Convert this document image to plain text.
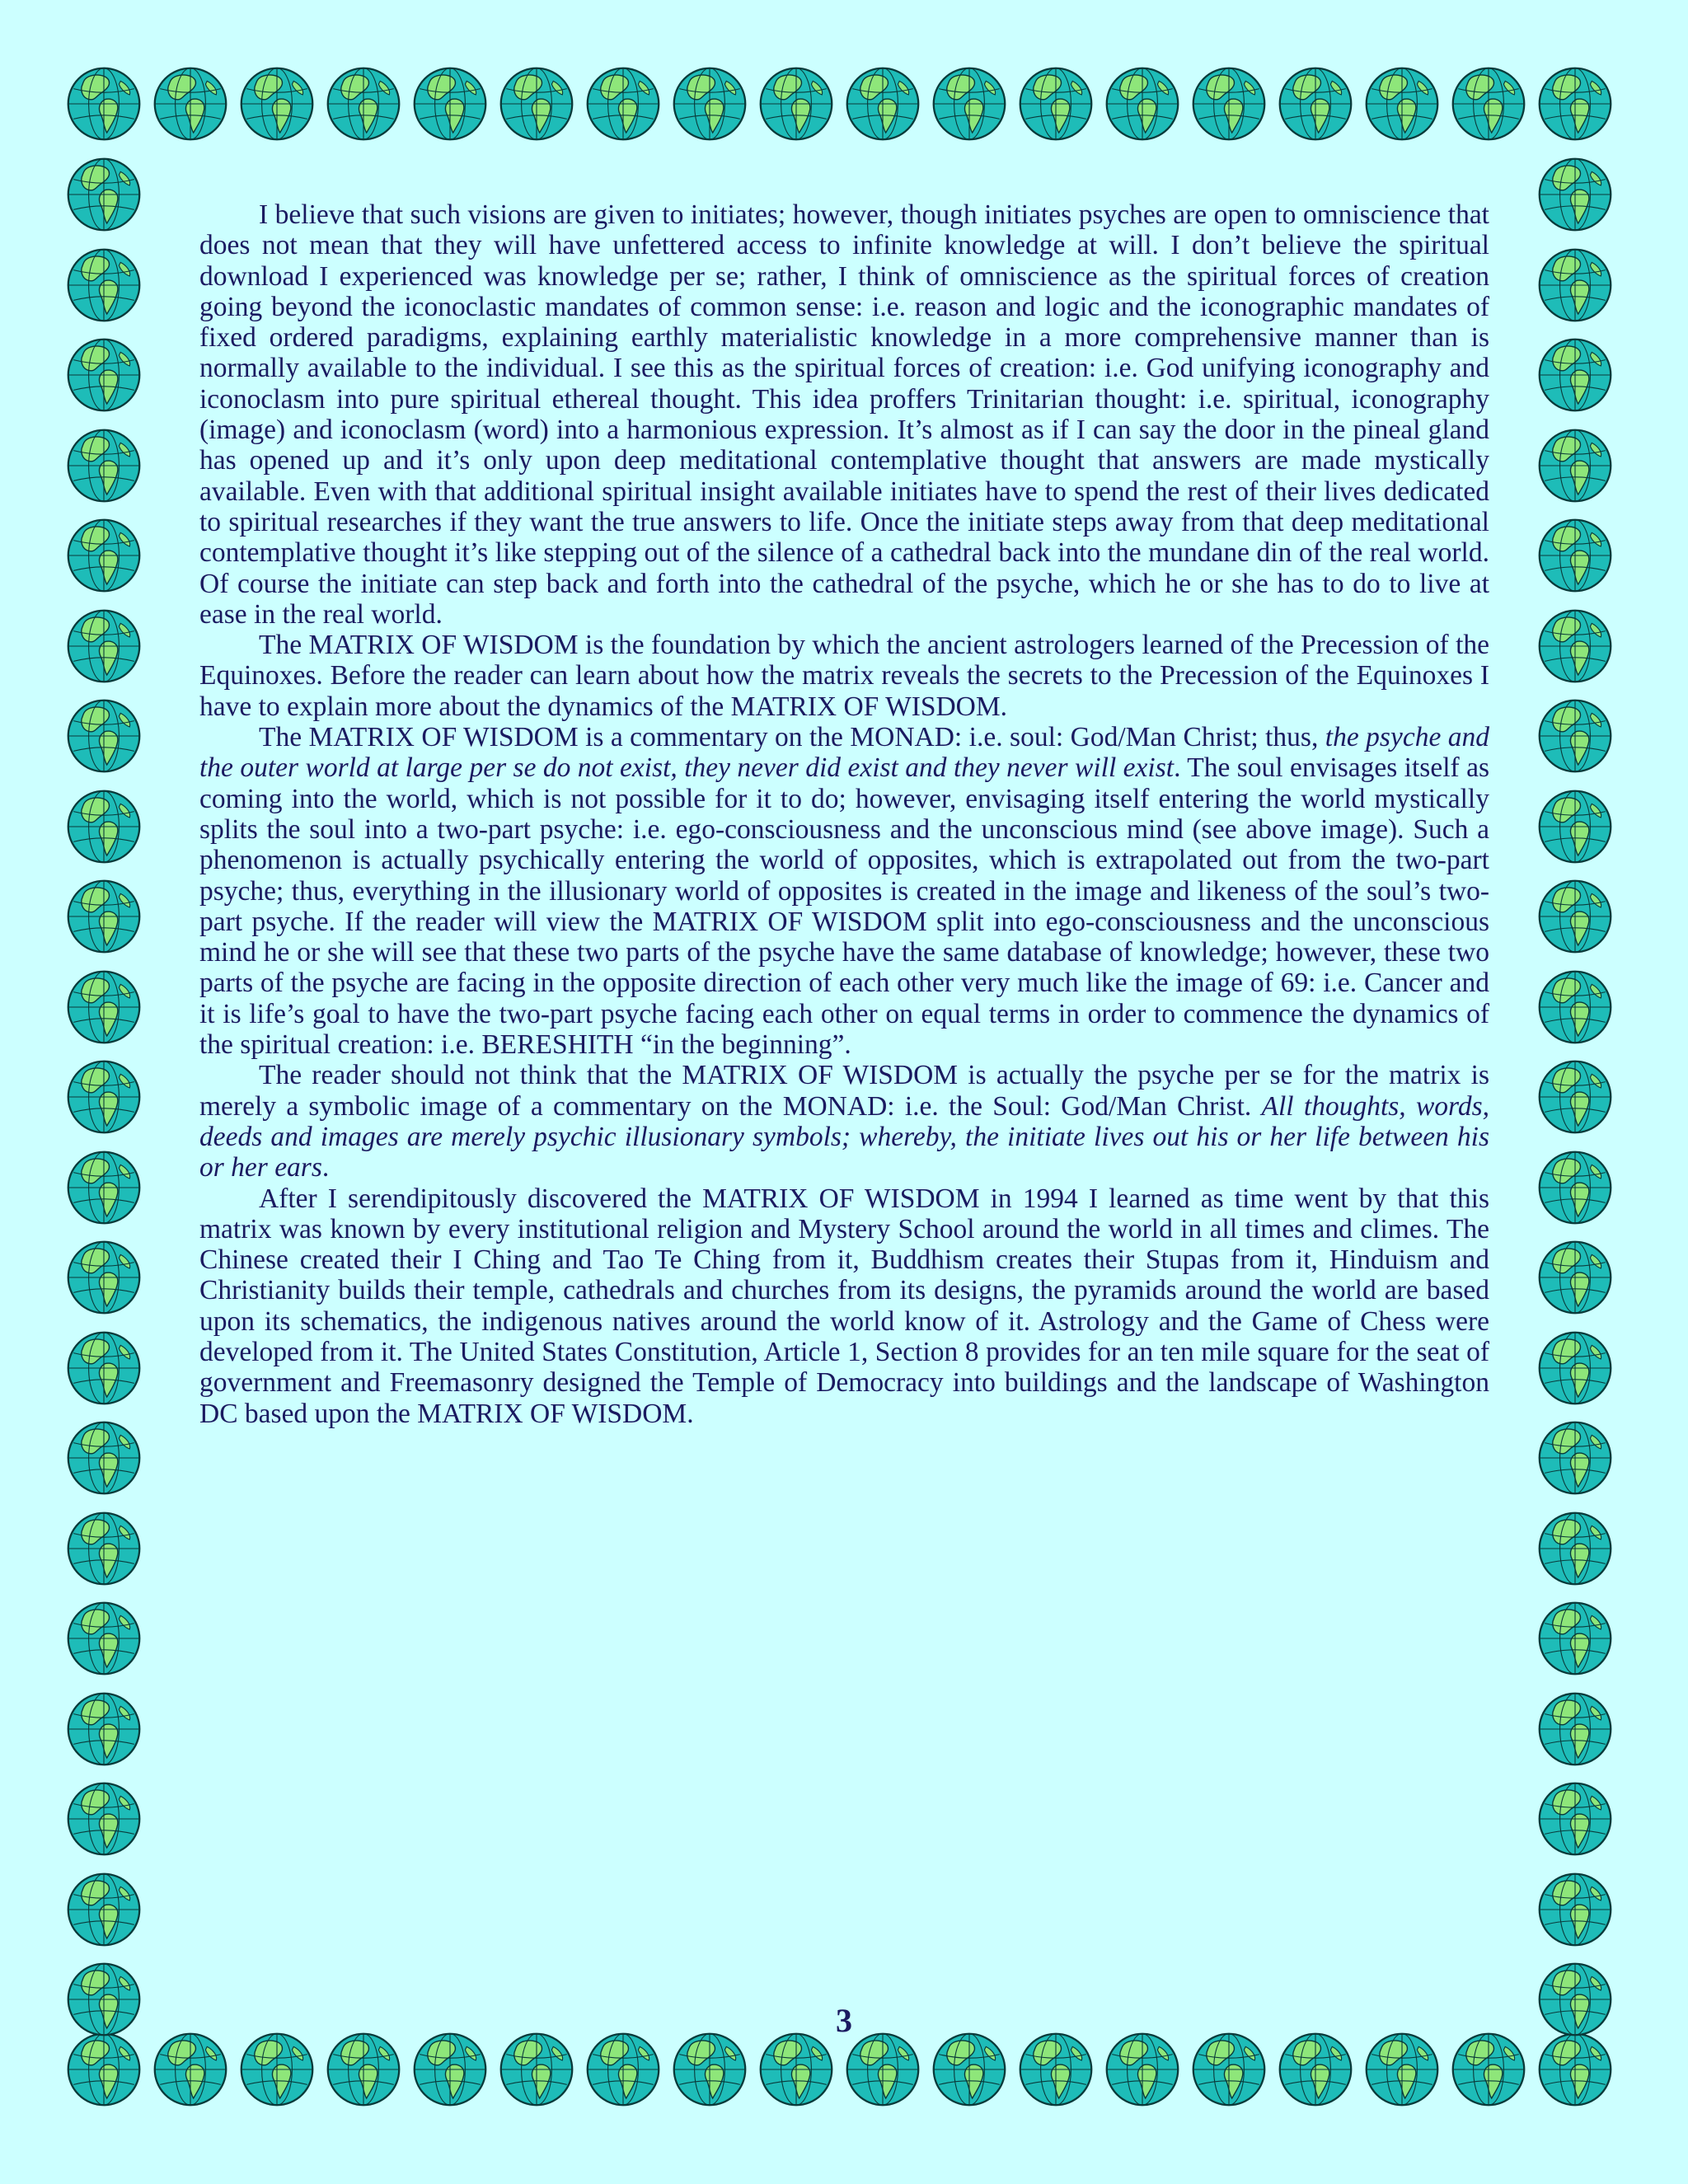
I believe that such visions are given to initiates; however, though initiates psyches are open to omniscience that does not mean that they will have unfettered access to infinite knowledge at will. I don’t believe the spiritual download I experienced was knowledge per se; rather, I think of omniscience as the spiritual forces of creation going beyond the iconoclastic mandates of common sense: i.e. reason and logic and the iconographic mandates of fixed ordered paradigms, explaining earthly materialistic knowledge in a more comprehensive manner than is normally available to the individual. I see this as the spiritual forces of creation: i.e. God unifying iconography and iconoclasm into pure spiritual ethereal thought. This idea proffers Trinitarian thought: i.e. spiritual, iconography (image) and iconoclasm (word) into a harmonious expression. It’s almost as if I can say the door in the pineal gland has opened up and it’s only upon deep meditational contemplative thought that answers are made mystically available. Even with that additional spiritual insight available initiates have to spend the rest of their lives dedicated to spiritual researches if they want the true answers to life. Once the initiate steps away from that deep meditational contemplative thought it’s like stepping out of the silence of a cathedral back into the mundane din of the real world. Of course the initiate can step back and forth into the cathedral of the psyche, which he or she has to do to live at ease in the real world.

The MATRIX OF WISDOM is the foundation by which the ancient astrologers learned of the Precession of the Equinoxes. Before the reader can learn about how the matrix reveals the secrets to the Precession of the Equinoxes I have to explain more about the dynamics of the MATRIX OF WISDOM.

The MATRIX OF WISDOM is a commentary on the MONAD: i.e. soul: God/Man Christ; thus, the psyche and the outer world at large per se do not exist, they never did exist and they never will exist. The soul envisages itself as coming into the world, which is not possible for it to do; however, envisaging itself entering the world mystically splits the soul into a two-part psyche: i.e. ego-consciousness and the unconscious mind (see above image). Such a phenomenon is actually psychically entering the world of opposites, which is extrapolated out from the two-part psyche; thus, everything in the illusionary world of opposites is created in the image and likeness of the soul’s two-part psyche. If the reader will view the MATRIX OF WISDOM split into ego-consciousness and the unconscious mind he or she will see that these two parts of the psyche have the same database of knowledge; however, these two parts of the psyche are facing in the opposite direction of each other very much like the image of 69: i.e. Cancer and it is life’s goal to have the two-part psyche facing each other on equal terms in order to commence the dynamics of the spiritual creation: i.e. BERESHITH “in the beginning”.

The reader should not think that the MATRIX OF WISDOM is actually the psyche per se for the matrix is merely a symbolic image of a commentary on the MONAD: i.e. the Soul: God/Man Christ. All thoughts, words, deeds and images are merely psychic illusionary symbols; whereby, the initiate lives out his or her life between his or her ears.

After I serendipitously discovered the MATRIX OF WISDOM in 1994 I learned as time went by that this matrix was known by every institutional religion and Mystery School around the world in all times and climes. The Chinese created their I Ching and Tao Te Ching from it, Buddhism creates their Stupas from it, Hinduism and Christianity builds their temple, cathedrals and churches from its designs, the pyramids around the world are based upon its schematics, the indigenous natives around the world know of it. Astrology and the Game of Chess were developed from it. The United States Constitution, Article 1, Section 8 provides for an ten mile square for the seat of government and Freemasonry designed the Temple of Democracy into buildings and the landscape of Washington DC based upon the MATRIX OF WISDOM.

3
